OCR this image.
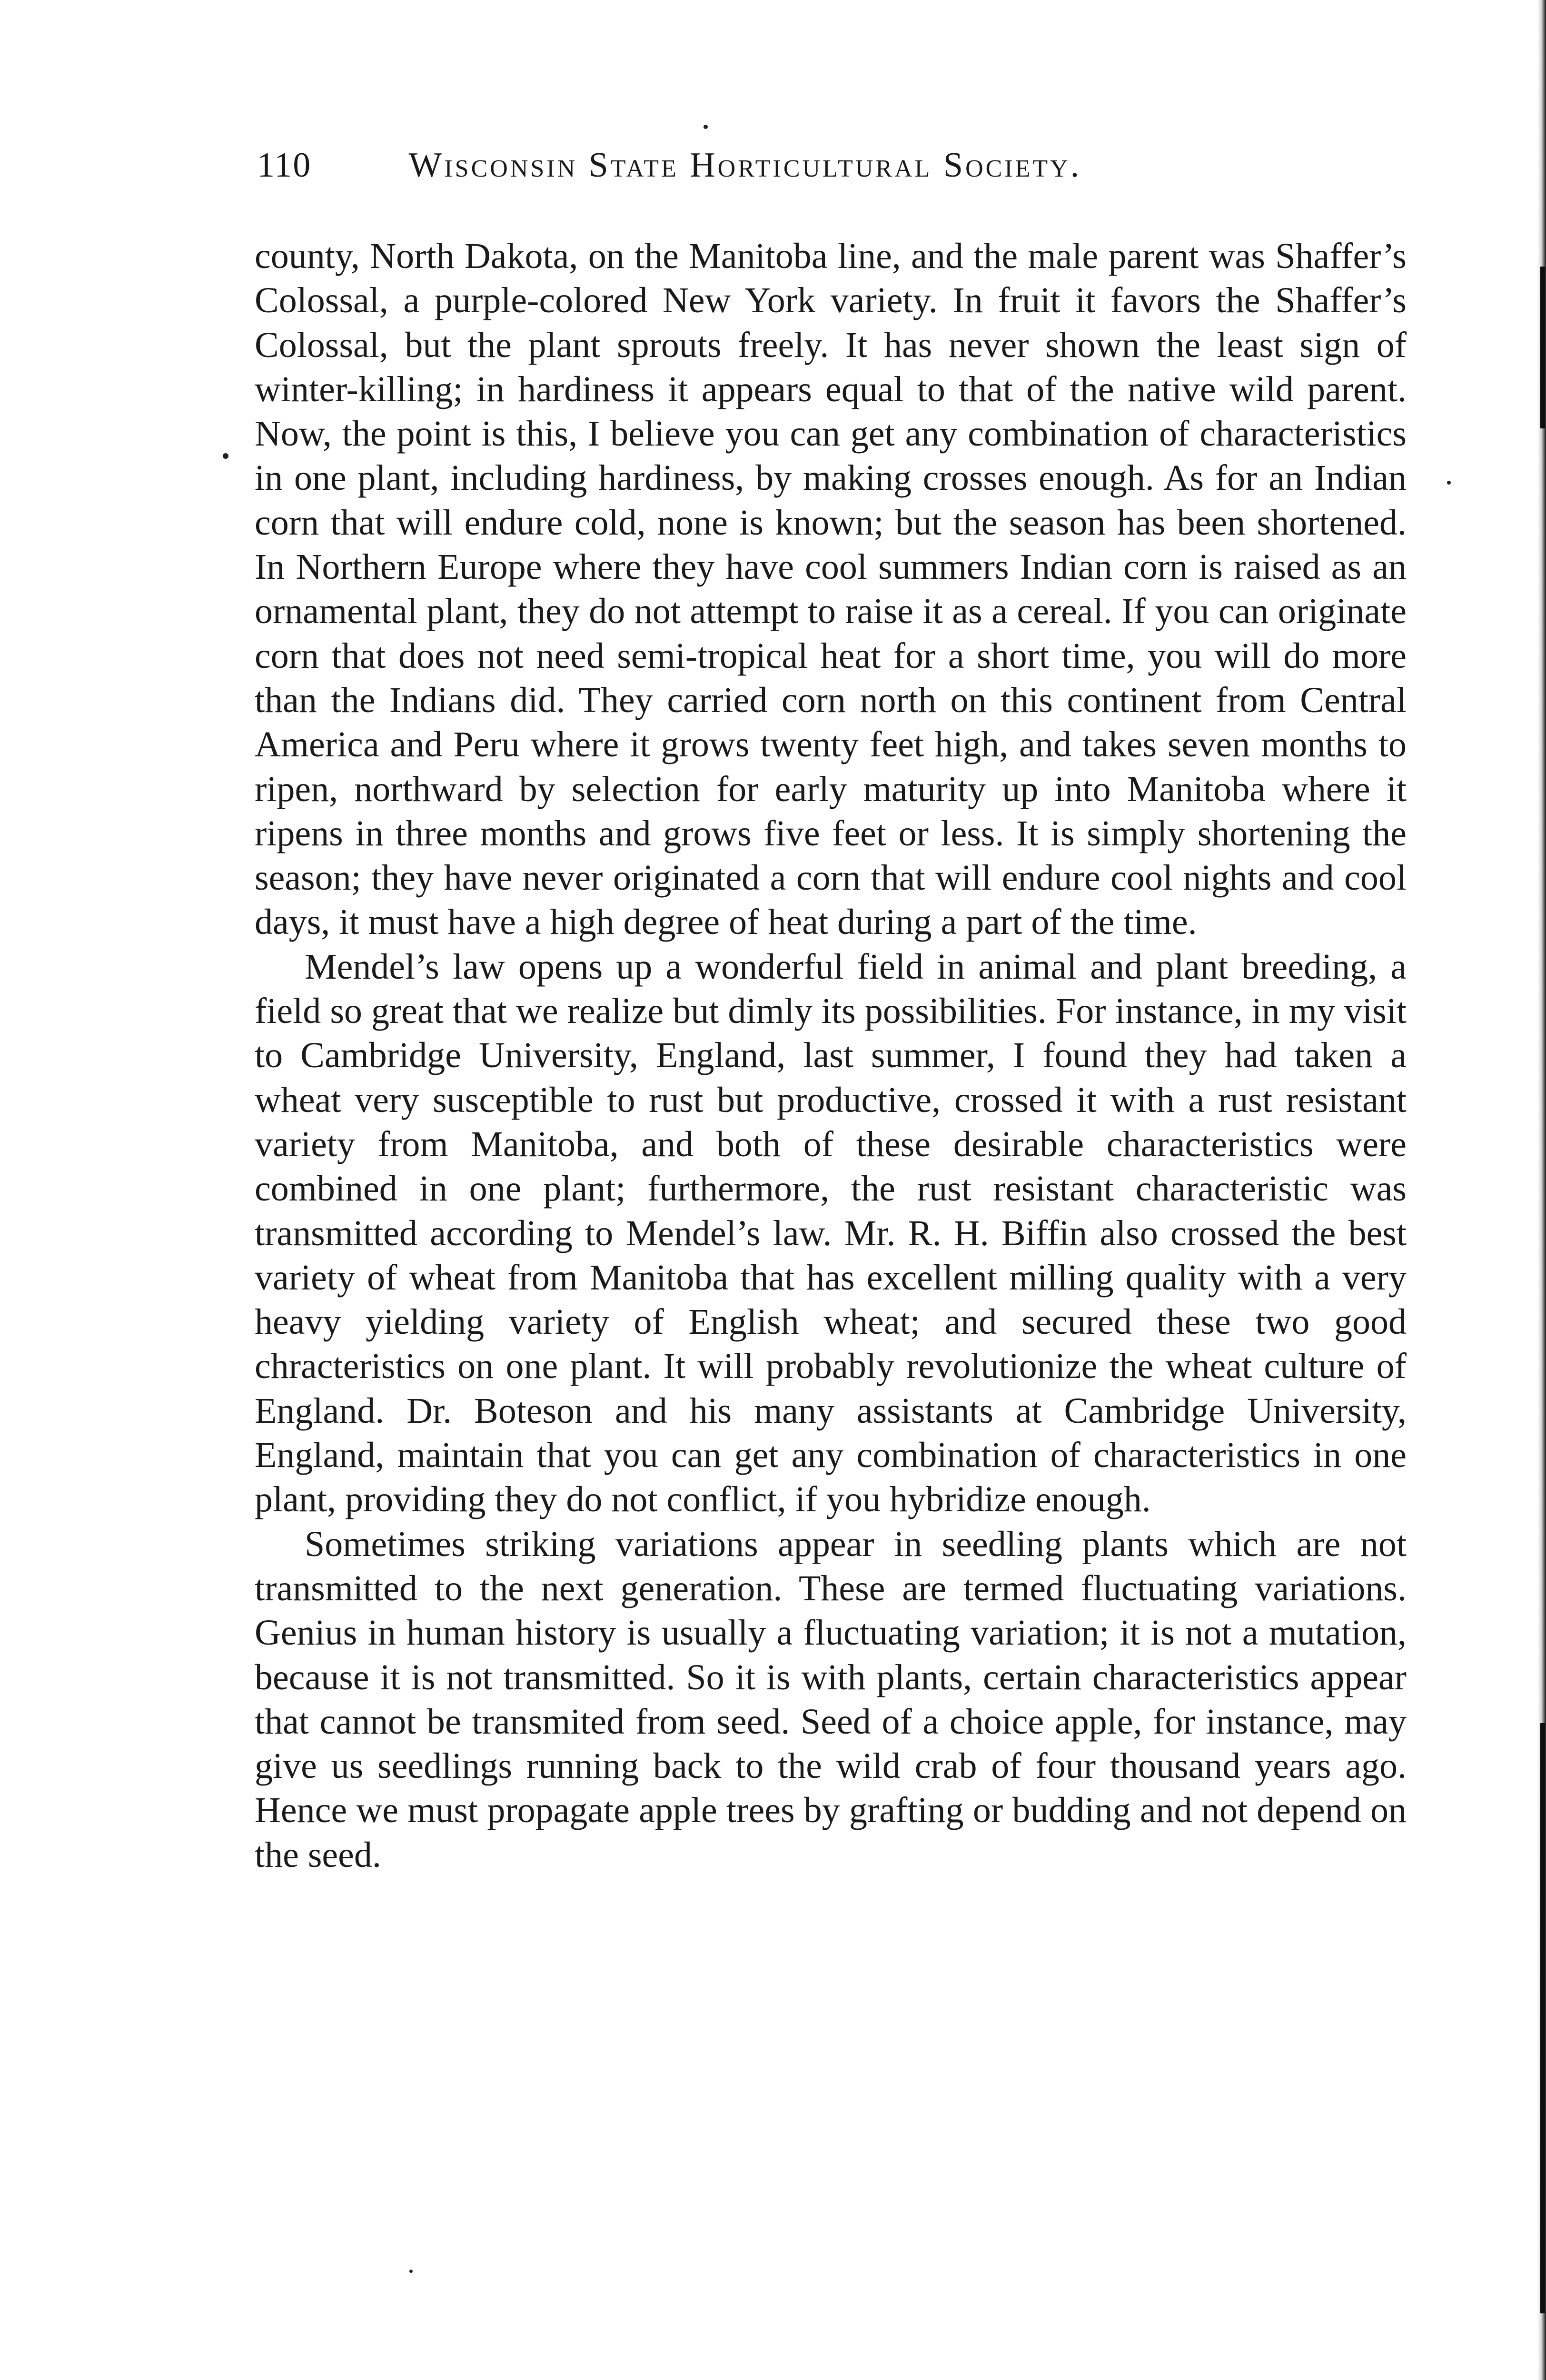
110	Wisconsin State Horticultural Society.

county, North Dakota, on the Manitoba line, and the male parent was Shaffer’s Colossal, a purple-colored New York variety. In fruit it favors the Shaffer’s Colossal, but the plant sprouts freely. It has never shown the least sign of winter-killing; in hardiness it appears equal to that of the native wild parent. Now, the point is this, I believe you can get any combination of characteristics in one plant, including hardiness, by making crosses enough. As for an Indian corn that will endure cold, none is known; but the season has been shortened. In Northern Europe where they have cool summers Indian corn is raised as an ornamental plant, they do not attempt to raise it as a cereal. If you can originate corn that does not need semi-tropical heat for a short time, you will do more than the Indians did. They carried corn north on this continent from Central America and Peru where it grows twenty feet high, and takes seven months to ripen, northward by selection for early maturity up into Manitoba where it ripens in three months and grows five feet or less. It is simply shortening the season; they have never originated a corn that will endure cool nights and cool days, it must have a high degree of heat during a part of the time.

Mendel’s law opens up a wonderful field in animal and plant breeding, a field so great that we realize but dimly its possibilities. For instance, in my visit to Cambridge University, England, last summer, I found they had taken a wheat very susceptible to rust but productive, crossed it with a rust resistant variety from Manitoba, and both of these desirable characteristics were combined in one plant; furthermore, the rust resistant characteristic was transmitted according to Mendel’s law. Mr. R. H. Biffin also crossed the best variety of wheat from Manitoba that has excellent milling quality with a very heavy yielding variety of English wheat; and secured these two good chracteristics on one plant. It will probably revolutionize the wheat culture of England. Dr. Boteson and his many assistants at Cambridge University, England, maintain that you can get any combination of characteristics in one plant, providing they do not conflict, if you hybridize enough.

Sometimes striking variations appear in seedling plants which are not transmitted to the next generation. These are termed fluctuating variations. Genius in human history is usually a fluctuating variation; it is not a mutation, because it is not transmitted. So it is with plants, certain characteristics appear that cannot be transmited from seed. Seed of a choice apple, for instance, may give us seedlings running back to the wild crab of four thousand years ago. Hence we must propagate apple trees by grafting or budding and not depend on the seed.
